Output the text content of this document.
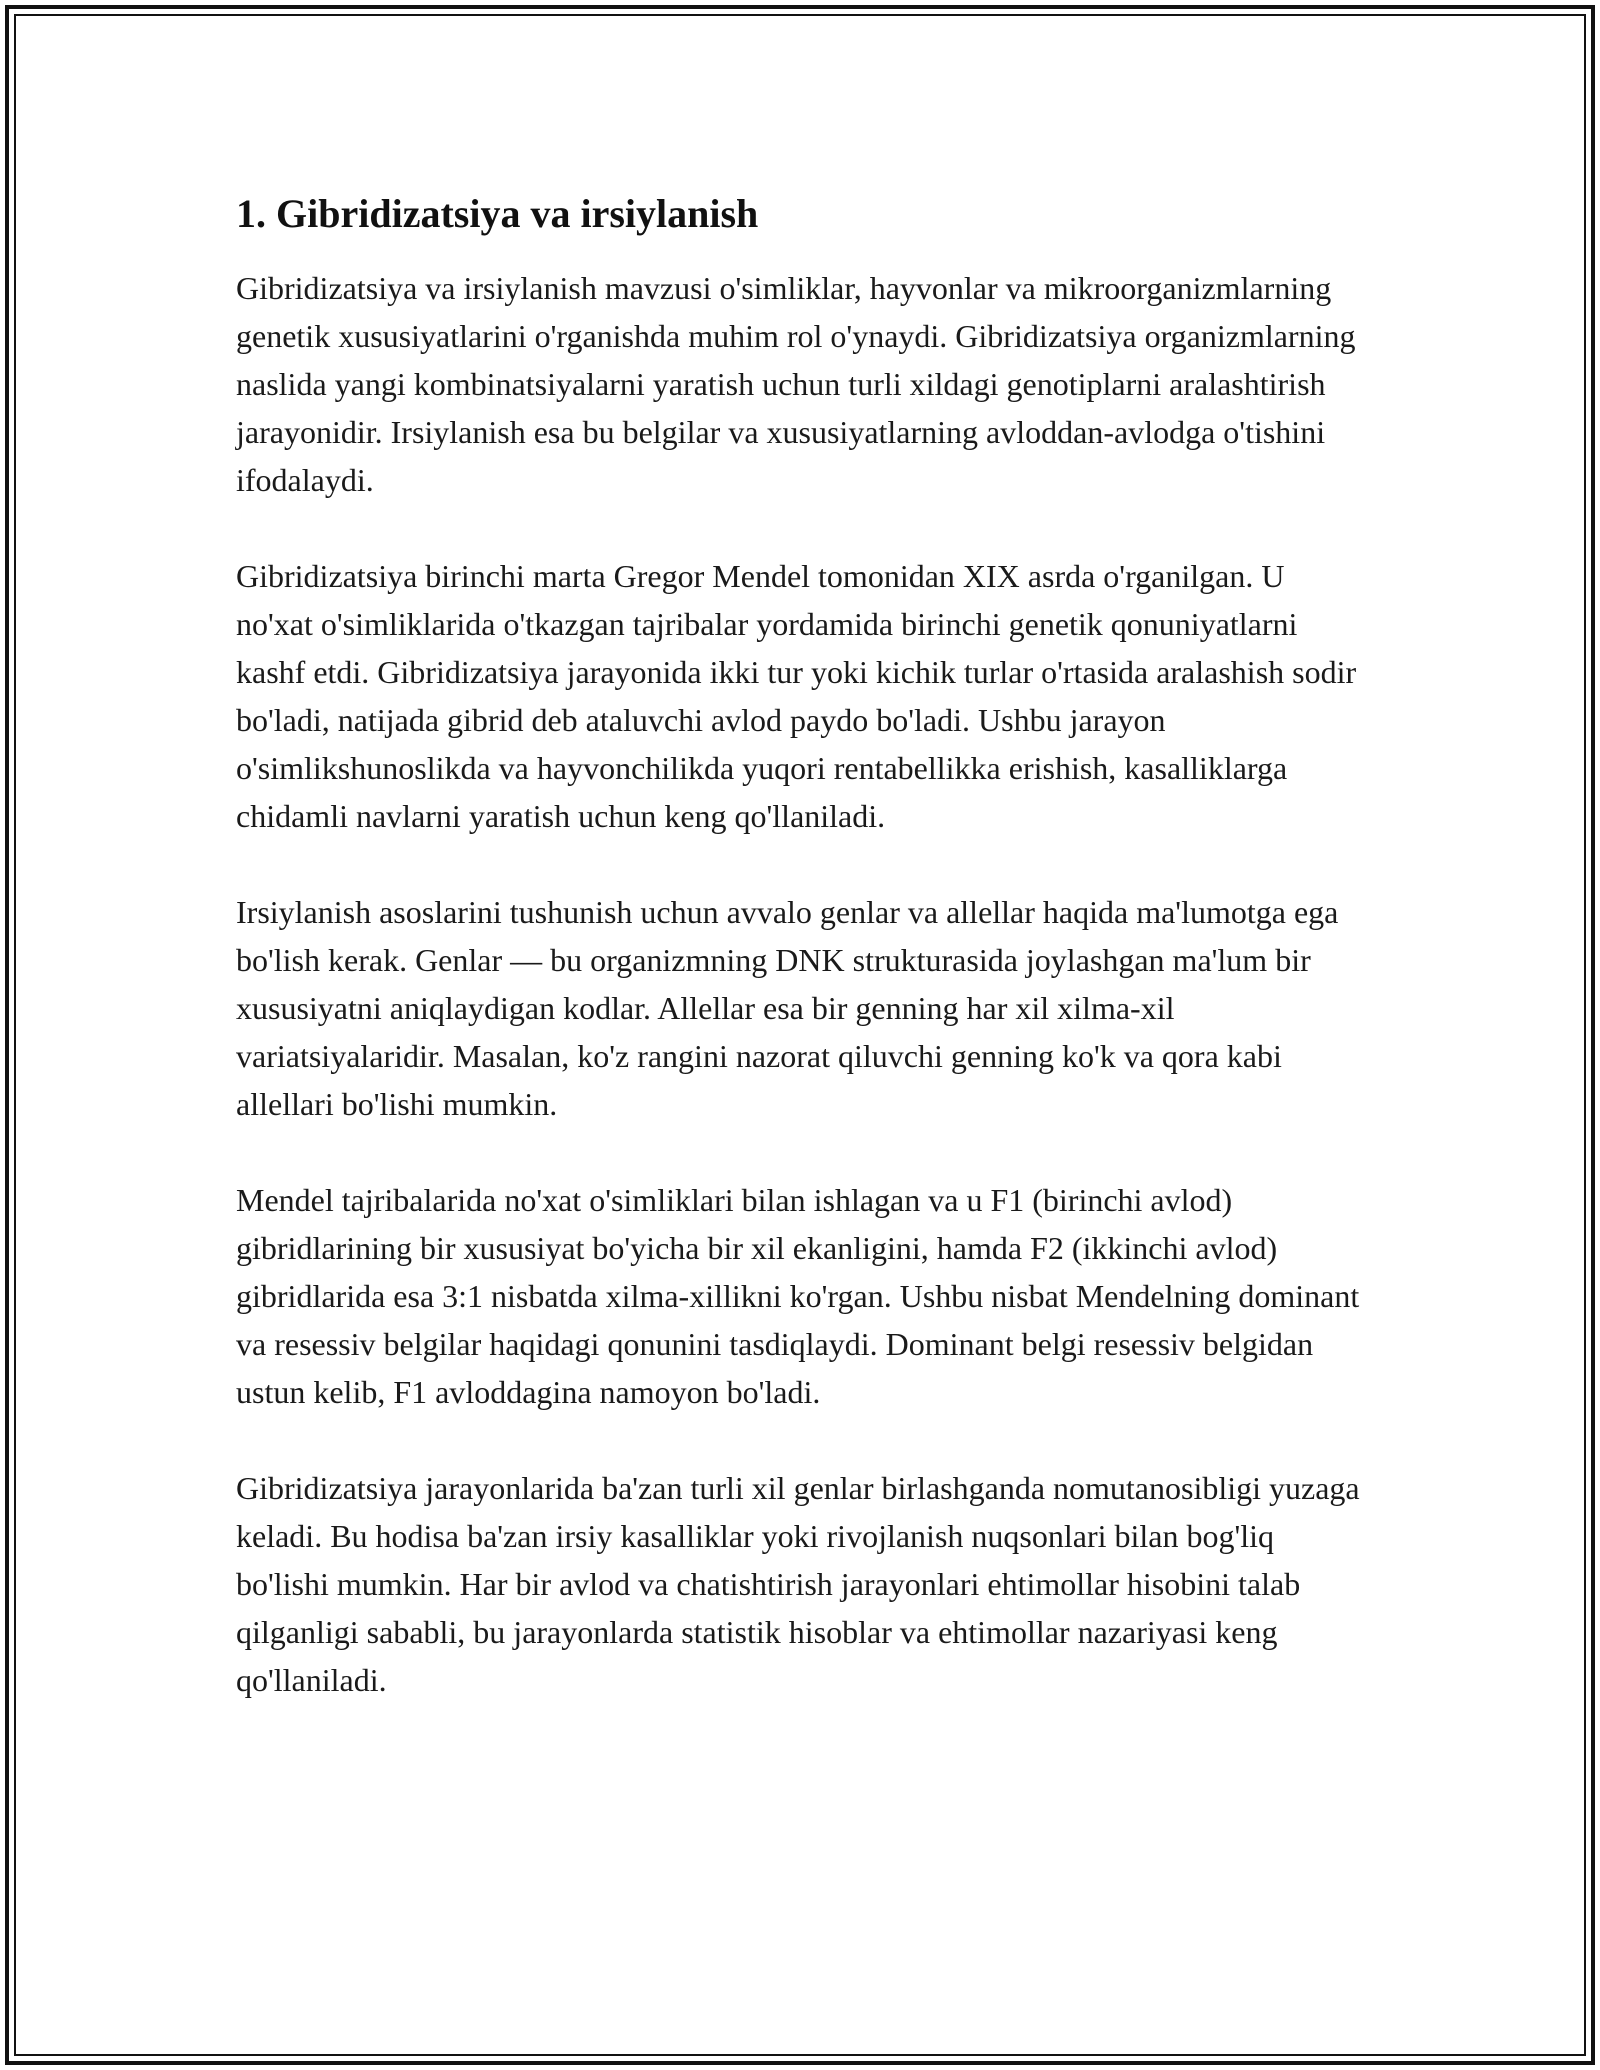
1. Gibridizatsiya va irsiylanish

Gibridizatsiya va irsiylanish mavzusi o'simliklar, hayvonlar va mikroorganizmlarning genetik xususiyatlarini o'rganishda muhim rol o'ynaydi. Gibridizatsiya organizmlarning naslida yangi kombinatsiyalarni yaratish uchun turli xildagi genotiplarni aralashtirish jarayonidir. Irsiylanish esa bu belgilar va xususiyatlarning avloddan-avlodga o'tishini ifodalaydi.

Gibridizatsiya birinchi marta Gregor Mendel tomonidan XIX asrda o'rganilgan. U no'xat o'simliklarida o'tkazgan tajribalar yordamida birinchi genetik qonuniyatlarni kashf etdi. Gibridizatsiya jarayonida ikki tur yoki kichik turlar o'rtasida aralashish sodir bo'ladi, natijada gibrid deb ataluvchi avlod paydo bo'ladi. Ushbu jarayon o'simlikshunoslikda va hayvonchilikda yuqori rentabellikka erishish, kasalliklarga chidamli navlarni yaratish uchun keng qo'llaniladi.

Irsiylanish asoslarini tushunish uchun avvalo genlar va allellar haqida ma'lumotga ega bo'lish kerak. Genlar — bu organizmning DNK strukturasida joylashgan ma'lum bir xususiyatni aniqlaydigan kodlar. Allellar esa bir genning har xil xilma-xil variatsiyalaridir. Masalan, ko'z rangini nazorat qiluvchi genning ko'k va qora kabi allellari bo'lishi mumkin.

Mendel tajribalarida no'xat o'simliklari bilan ishlagan va u F1 (birinchi avlod) gibridlarining bir xususiyat bo'yicha bir xil ekanligini, hamda F2 (ikkinchi avlod) gibridlarida esa 3:1 nisbatda xilma-xillikni ko'rgan. Ushbu nisbat Mendelning dominant va resessiv belgilar haqidagi qonunini tasdiqlaydi. Dominant belgi resessiv belgidan ustun kelib, F1 avloddagina namoyon bo'ladi.

Gibridizatsiya jarayonlarida ba'zan turli xil genlar birlashganda nomutanosibligi yuzaga keladi. Bu hodisa ba'zan irsiy kasalliklar yoki rivojlanish nuqsonlari bilan bog'liq bo'lishi mumkin. Har bir avlod va chatishtirish jarayonlari ehtimollar hisobini talab qilganligi sababli, bu jarayonlarda statistik hisoblar va ehtimollar nazariyasi keng qo'llaniladi.
